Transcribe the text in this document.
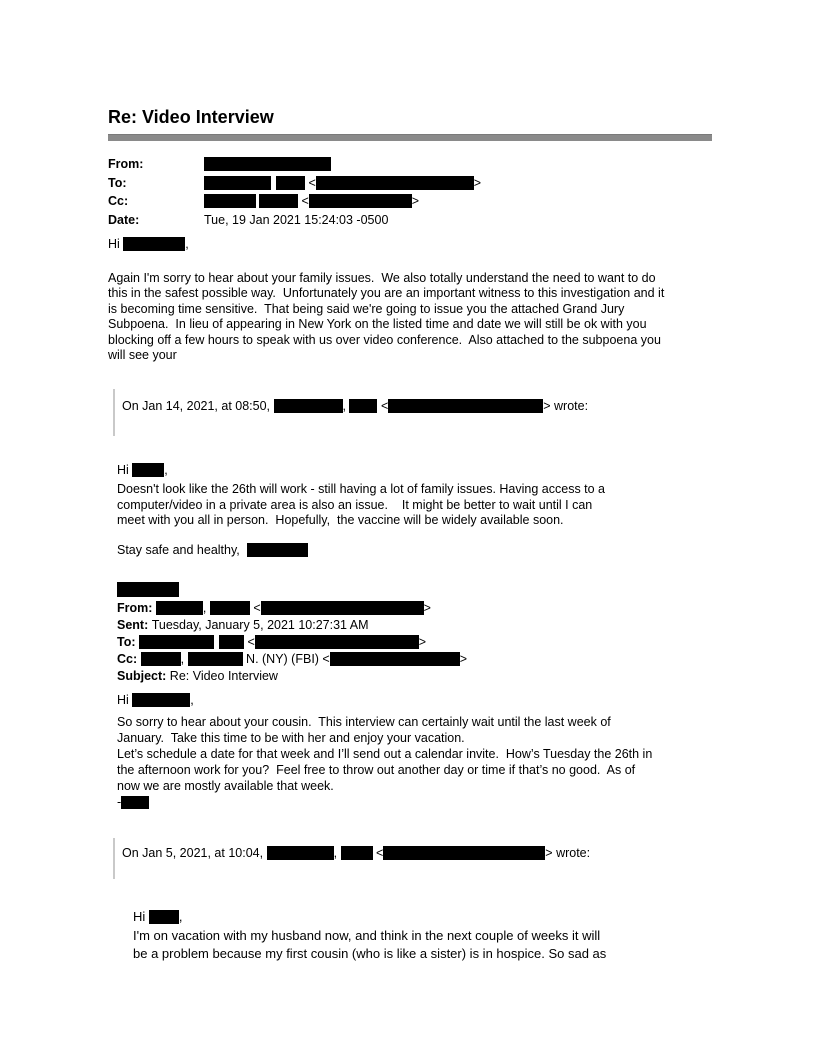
Re: Video Interview
From:
To:	<	>
Cc:	<	>
Date:	Tue, 19 Jan 2021 15:24:03 -0500
Hi	,
Again I'm sorry to hear about your family issues.  We also totally understand the need to want to do
this in the safest possible way.  Unfortunately you are an important witness to this investigation and it
is becoming time sensitive.  That being said we're going to issue you the attached Grand Jury
Subpoena.  In lieu of appearing in New York on the listed time and date we will still be ok with you
blocking off a few hours to speak with us over video conference.  Also attached to the subpoena you
will see your
On Jan 14, 2021, at 08:50,	,  <	> wrote:
Hi	,
Doesn't look like the 26th will work - still having a lot of family issues. Having access to a
computer/video in a private area is also an issue.    It might be better to wait until I can
meet with you all in person.  Hopefully,  the vaccine will be widely available soon.
Stay safe and healthy,
From:	,	<	>
Sent: Tuesday, January 5, 2021 10:27:31 AM
To:	<	>
Cc:	,	N. (NY) (FBI) <	>
Subject: Re: Video Interview
Hi	,
So sorry to hear about your cousin.  This interview can certainly wait until the last week of
January.  Take this time to be with her and enjoy your vacation.
Let’s schedule a date for that week and I’ll send out a calendar invite.  How’s Tuesday the 26th in
the afternoon work for you?  Feel free to throw out another day or time if that’s no good.  As of
now we are mostly available that week.
-
On Jan 5, 2021, at 10:04,	,	<	> wrote:
Hi ,
I'm on vacation with my husband now, and think in the next couple of weeks it will
be a problem because my first cousin (who is like a sister) is in hospice. So sad as
